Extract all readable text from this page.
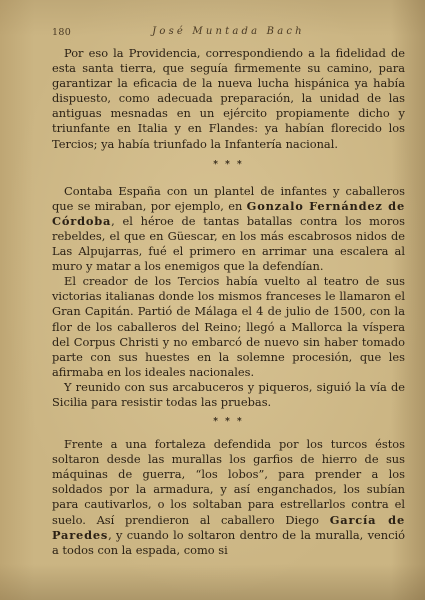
180	José Muntada Bach

Por eso la Providencia, correspondiendo a la fidelidad de esta santa tierra, que seguía firmemente su camino, para garantizar la eficacia de la nueva lucha hispánica ya había dispuesto, como adecuada preparación, la unidad de las antiguas mesnadas en un ejército propiamente dicho y triunfante en Italia y en Flandes: ya habían florecido los Tercios; ya había triunfado la Infantería nacional.

* * *

Contaba España con un plantel de infantes y caballeros que se miraban, por ejemplo, en Gonzalo Fernández de Córdoba, el héroe de tantas batallas contra los moros rebeldes, el que en Güescar, en los más escabrosos nidos de Las Alpujarras, fué el primero en arrimar una escalera al muro y matar a los enemigos que la defendían.

El creador de los Tercios había vuelto al teatro de sus victorias italianas donde los mismos franceses le llamaron el Gran Capitán. Partió de Málaga el 4 de julio de 1500, con la flor de los caballeros del Reino; llegó a Mallorca la víspera del Corpus Christi y no embarcó de nuevo sin haber tomado parte con sus huestes en la solemne procesión, que les afirmaba en los ideales nacionales.

Y reunido con sus arcabuceros y piqueros, siguió la vía de Sicilia para resistir todas las pruebas.

* * *

Frente a una fortaleza defendida por los turcos éstos soltaron desde las murallas los garfios de hierro de sus máquinas de guerra, “los lobos”, para prender a los soldados por la armadura, y así enganchados, los subían para cautivarlos, o los soltaban para estrellarlos contra el suelo. Así prendieron al caballero Diego García de Paredes, y cuando lo soltaron dentro de la muralla, venció a todos con la espada, como si
